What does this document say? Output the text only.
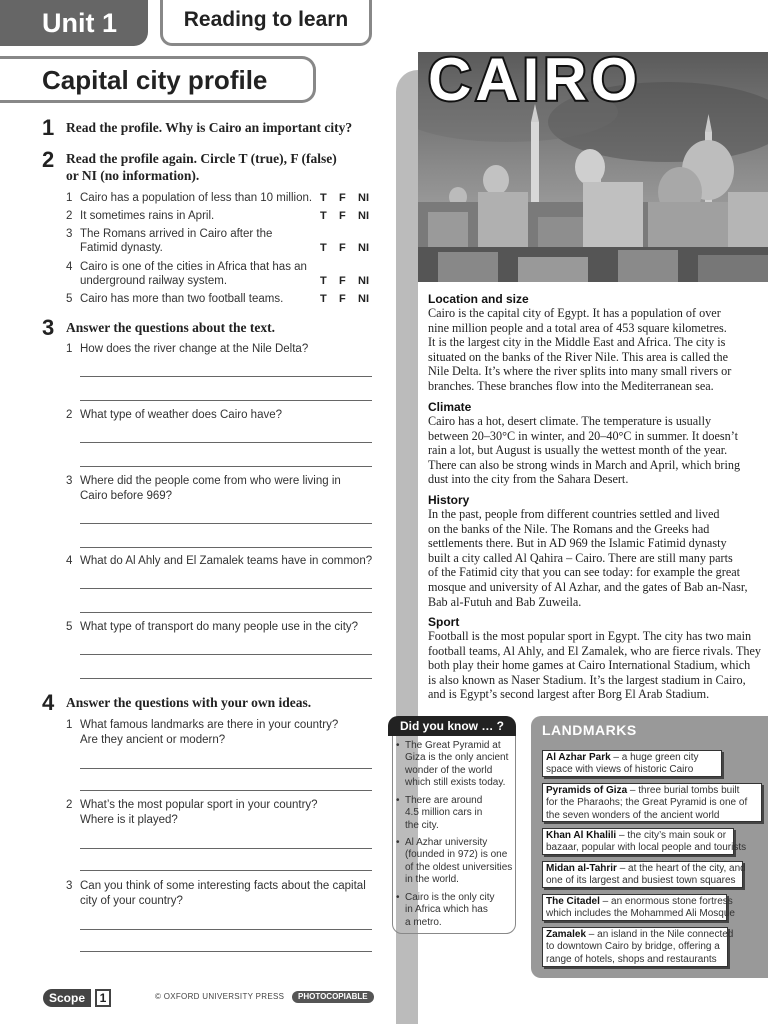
Unit 1	Reading to learn
Capital city profile
1 Read the profile. Why is Cairo an important city?
2 Read the profile again. Circle T (true), F (false)
or NI (no information).
1 Cairo has a population of less than 10 million. T F NI
2 It sometimes rains in April.	T F NI
3 The Romans arrived in Cairo after the
Fatimid dynasty.	T F NI
4 Cairo is one of the cities in Africa that has an
underground railway system.	T F NI
5 Cairo has more than two football teams.	T F NI
3 Answer the questions about the text.
1 How does the river change at the Nile Delta?
2 What type of weather does Cairo have?
3 Where did the people come from who were living in
Cairo before 969?
4 What do Al Ahly and El Zamalek teams have in common?
5 What type of transport do many people use in the city?
4 Answer the questions with your own ideas.
1 What famous landmarks are there in your country?
Are they ancient or modern?
2 What’s the most popular sport in your country?
Where is it played?
3 Can you think of some interesting facts about the capital
city of your country?
CAIRO
Location and size
Cairo is the capital city of Egypt. It has a population of over
nine million people and a total area of 453 square kilometres.
It is the largest city in the Middle East and Africa. The city is
situated on the banks of the River Nile. This area is called the
Nile Delta. It’s where the river splits into many small rivers or
branches. These branches flow into the Mediterranean sea.
Climate
Cairo has a hot, desert climate. The temperature is usually
between 20–30°C in winter, and 20–40°C in summer. It doesn’t
rain a lot, but August is usually the wettest month of the year.
There can also be strong winds in March and April, which bring
dust into the city from the Sahara Desert.
History
In the past, people from different countries settled and lived
on the banks of the Nile. The Romans and the Greeks had
settlements there. But in AD 969 the Islamic Fatimid dynasty
built a city called Al Qahira – Cairo. There are still many parts
of the Fatimid city that you can see today: for example the great
mosque and university of Al Azhar, and the gates of Bab an-Nasr,
Bab al-Futuh and Bab Zuweila.
Sport
Football is the most popular sport in Egypt. The city has two main
football teams, Al Ahly, and El Zamalek, who are fierce rivals. They
both play their home games at Cairo International Stadium, which
is also known as Naser Stadium. It’s the largest stadium in Cairo,
and is Egypt’s second largest after Borg El Arab Stadium.
Did you know … ?
• The Great Pyramid at
Giza is the only ancient
wonder of the world
which still exists today.
• There are around
4.5 million cars in
the city.
• Al Azhar university
(founded in 972) is one
of the oldest universities
in the world.
• Cairo is the only city
in Africa which has
a metro.
LANDMARKS
Al Azhar Park – a huge green city
space with views of historic Cairo
Pyramids of Giza – three burial tombs built
for the Pharaohs; the Great Pyramid is one of
the seven wonders of the ancient world
Khan Al Khalili – the city’s main souk or
bazaar, popular with local people and tourists
Midan al-Tahrir – at the heart of the city, and
one of its largest and busiest town squares
The Citadel – an enormous stone fortress
which includes the Mohammed Ali Mosque
Zamalek – an island in the Nile connected
to downtown Cairo by bridge, offering a
range of hotels, shops and restaurants
Scope	1	© OXFORD UNIVERSITY PRESS	PHOTOCOPIABLE
